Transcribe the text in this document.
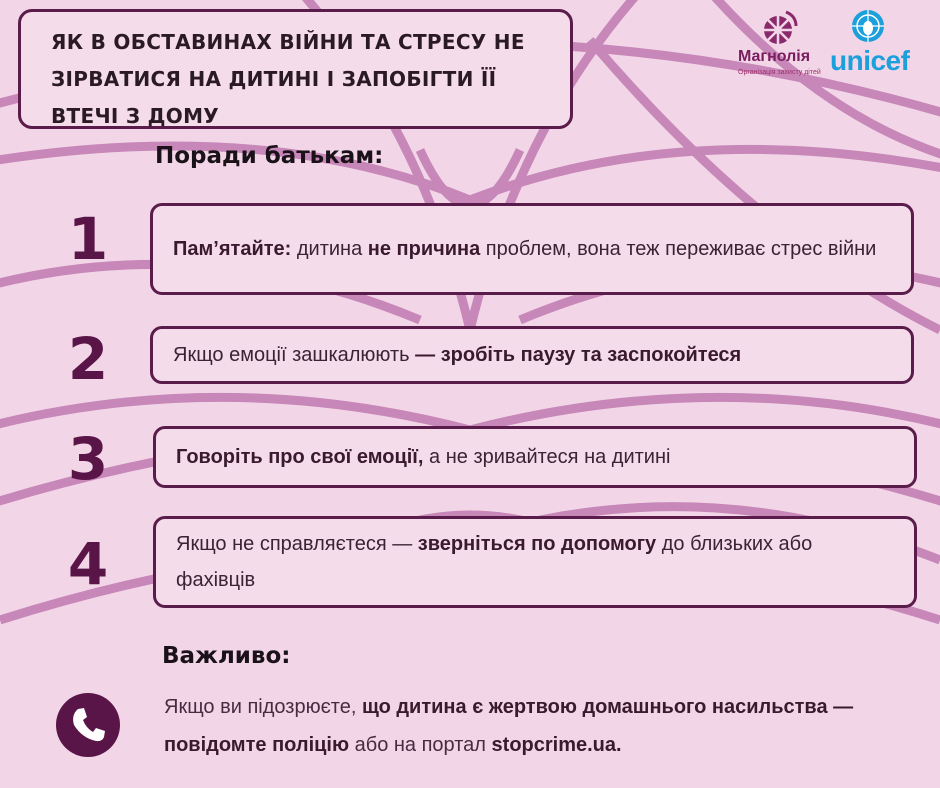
ЯК В ОБСТАВИНАХ ВІЙНИ ТА СТРЕСУ НЕ
ЗІРВАТИСЯ НА ДИТИНІ І ЗАПОБІГТИ ЇЇ
ВТЕЧІ З ДОМУ
Магнолія
Організація захисту дітей unicef
Поради батькам:
1	Пам’ятайте: дитина не причина проблем, вона теж переживає стрес війни
2	Якщо емоції зашкалюють — зробіть паузу та заспокойтеся
3	Говоріть про свої емоції, а не зривайтеся на дитині
4	Якщо не справляєтеся — зверніться по допомогу до близьких або фахівців
Важливо:
Якщо ви підозрюєте, що дитина є жертвою домашнього насильства — повідомте поліцію або на портал stopcrime.ua.
